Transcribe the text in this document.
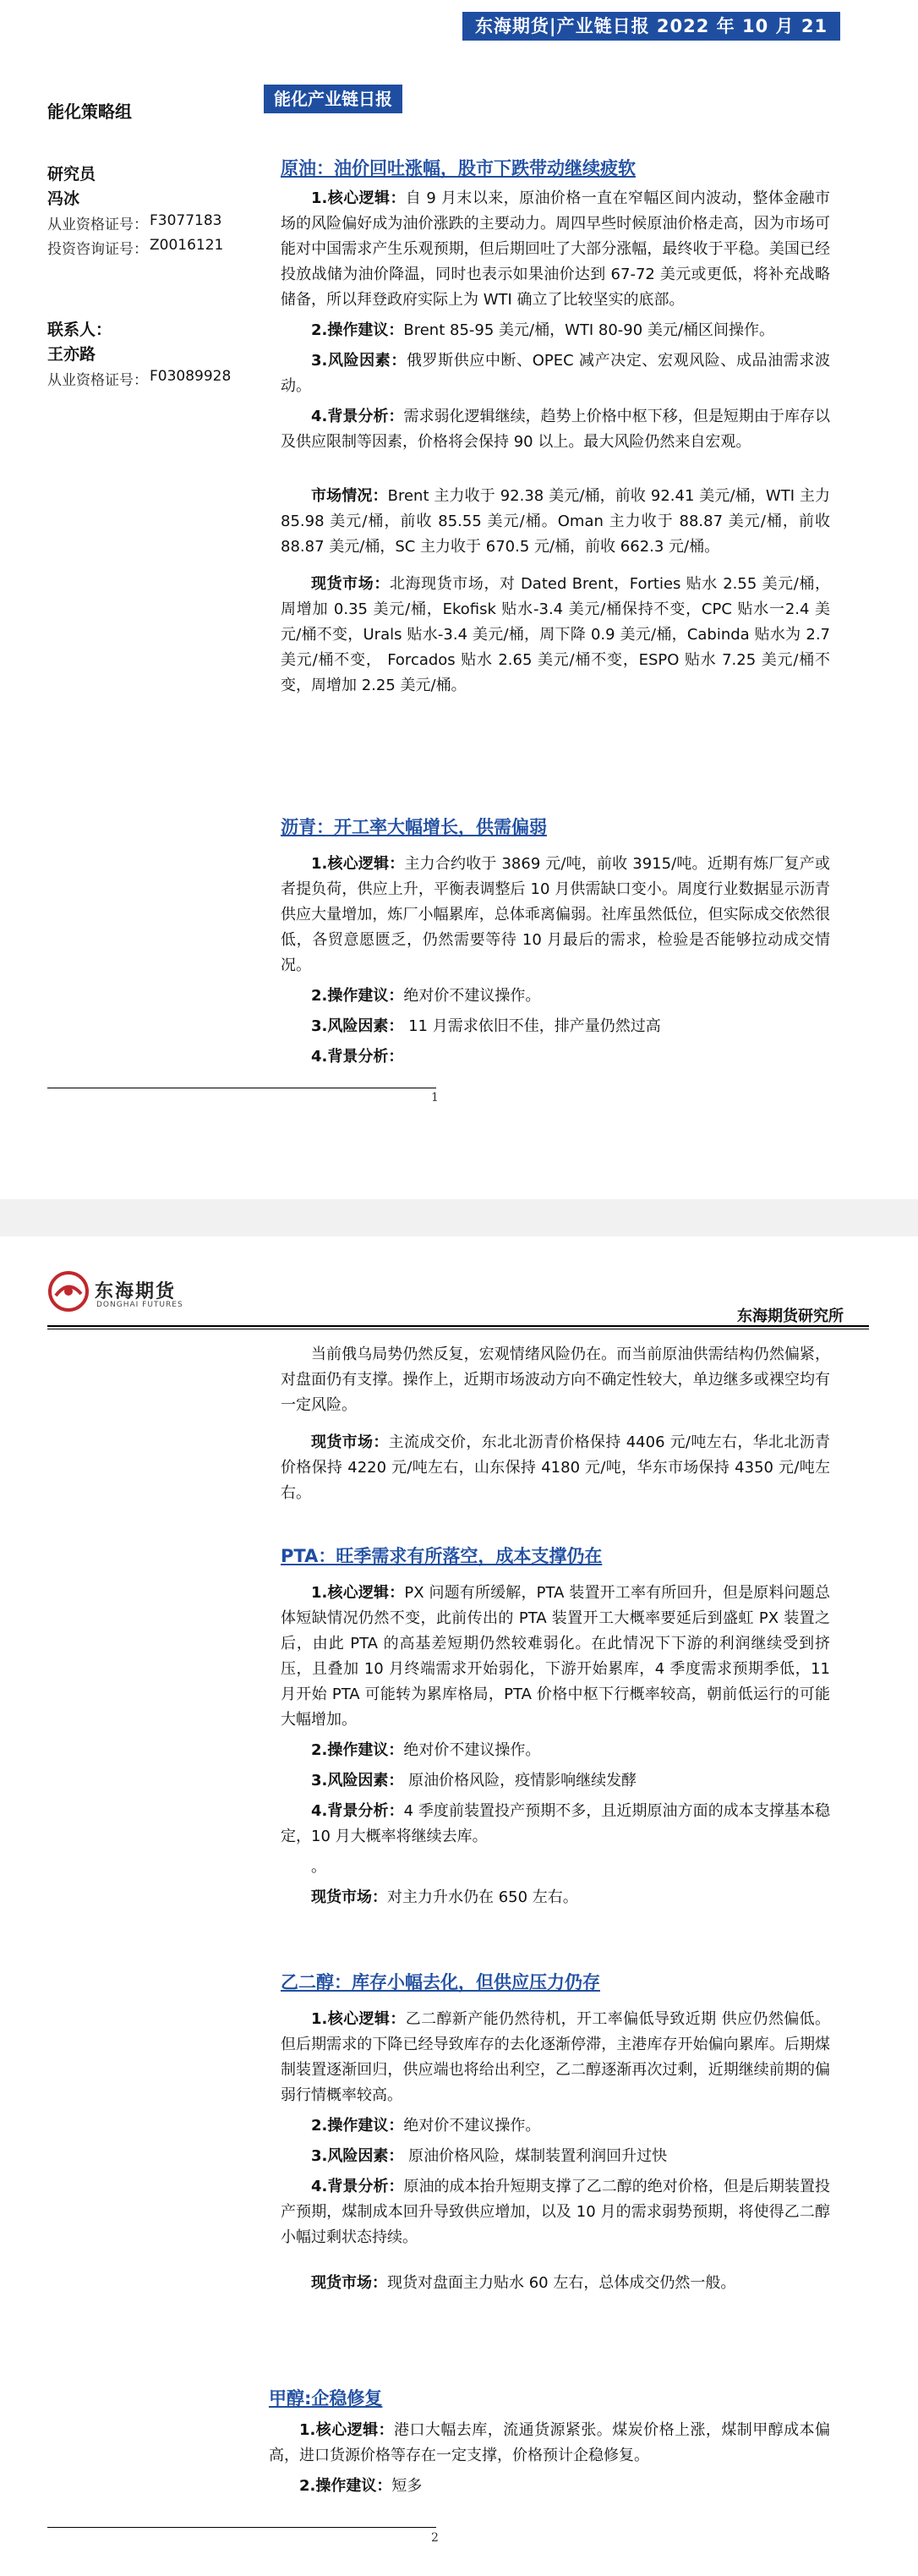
东海期货|产业链日报 2022 年 10 月 21 日
能化策略组
研究员
冯冰
从业资格证号： F3077183
投资咨询证号： Z0016121
联系人：
王亦路
从业资格证号： F03089928
能化产业链日报
原油：油价回吐涨幅，股市下跌带动继续疲软

1.核心逻辑：自 9 月末以来，原油价格一直在窄幅区间内波动，整体金融市场的风险偏好成为油价涨跌的主要动力。周四早些时候原油价格走高，因为市场可能对中国需求产生乐观预期，但后期回吐了大部分涨幅，最终收于平稳。美国已经投放战储为油价降温，同时也表示如果油价达到 67-72 美元或更低，将补充战略储备，所以拜登政府实际上为 WTI 确立了比较坚实的底部。

2.操作建议：Brent 85-95 美元/桶，WTI 80-90 美元/桶区间操作。

3.风险因素：俄罗斯供应中断、OPEC 减产决定、宏观风险、成品油需求波动。

4.背景分析：需求弱化逻辑继续，趋势上价格中枢下移，但是短期由于库存以及供应限制等因素，价格将会保持 90 以上。最大风险仍然来自宏观。

市场情况：Brent 主力收于 92.38 美元/桶，前收 92.41 美元/桶，WTI 主力 85.98 美元/桶，前收 85.55 美元/桶。Oman 主力收于 88.87 美元/桶，前收 88.87 美元/桶，SC 主力收于 670.5 元/桶，前收 662.3 元/桶。

现货市场：北海现货市场，对 Dated Brent，Forties 贴水 2.55 美元/桶，周增加 0.35 美元/桶，Ekofisk 贴水-3.4 美元/桶保持不变，CPC 贴水一2.4 美元/桶不变，Urals 贴水-3.4 美元/桶，周下降 0.9 美元/桶，Cabinda 贴水为 2.7 美元/桶不变， Forcados 贴水 2.65 美元/桶不变，ESPO 贴水 7.25 美元/桶不变，周增加 2.25 美元/桶。

沥青：开工率大幅增长，供需偏弱

1.核心逻辑：主力合约收于 3869 元/吨，前收 3915/吨。近期有炼厂复产或者提负荷，供应上升，平衡表调整后 10 月供需缺口变小。周度行业数据显示沥青供应大量增加，炼厂小幅累库，总体乖离偏弱。社库虽然低位，但实际成交依然很低，各贸意愿匮乏，仍然需要等待 10 月最后的需求，检验是否能够拉动成交情况。

2.操作建议：绝对价不建议操作。

3.风险因素： 11 月需求依旧不佳，排产量仍然过高

4.背景分析：

1
东海期货
DONGHAI FUTURES
东海期货研究所

当前俄乌局势仍然反复，宏观情绪风险仍在。而当前原油供需结构仍然偏紧，对盘面仍有支撑。操作上，近期市场波动方向不确定性较大，单边继多或裸空均有一定风险。

现货市场：主流成交价，东北北沥青价格保持 4406 元/吨左右，华北北沥青价格保持 4220 元/吨左右，山东保持 4180 元/吨，华东市场保持 4350 元/吨左右。

PTA：旺季需求有所落空，成本支撑仍在

1.核心逻辑：PX 问题有所缓解，PTA 装置开工率有所回升，但是原料问题总体短缺情况仍然不变，此前传出的 PTA 装置开工大概率要延后到盛虹 PX 装置之后，由此 PTA 的高基差短期仍然较难弱化。在此情况下下游的利润继续受到挤压，且叠加 10 月终端需求开始弱化，下游开始累库，4 季度需求预期季低，11 月开始 PTA 可能转为累库格局，PTA 价格中枢下行概率较高，朝前低运行的可能大幅增加。

2.操作建议：绝对价不建议操作。

3.风险因素： 原油价格风险，疫情影响继续发酵

4.背景分析：4 季度前装置投产预期不多，且近期原油方面的成本支撑基本稳定，10 月大概率将继续去库。

。

现货市场：对主力升水仍在 650 左右。

乙二醇：库存小幅去化，但供应压力仍存

1.核心逻辑：乙二醇新产能仍然待机，开工率偏低导致近期 供应仍然偏低。但后期需求的下降已经导致库存的去化逐渐停滞，主港库存开始偏向累库。后期煤制装置逐渐回归，供应端也将给出利空，乙二醇逐渐再次过剩，近期继续前期的偏弱行情概率较高。

2.操作建议：绝对价不建议操作。

3.风险因素： 原油价格风险，煤制装置利润回升过快

4.背景分析：原油的成本抬升短期支撑了乙二醇的绝对价格，但是后期装置投产预期，煤制成本回升导致供应增加，以及 10 月的需求弱势预期，将使得乙二醇小幅过剩状态持续。

现货市场：现货对盘面主力贴水 60 左右，总体成交仍然一般。

甲醇:企稳修复

1.核心逻辑：港口大幅去库，流通货源紧张。煤炭价格上涨，煤制甲醇成本偏高，进口货源价格等存在一定支撑，价格预计企稳修复。

2.操作建议：短多

2
